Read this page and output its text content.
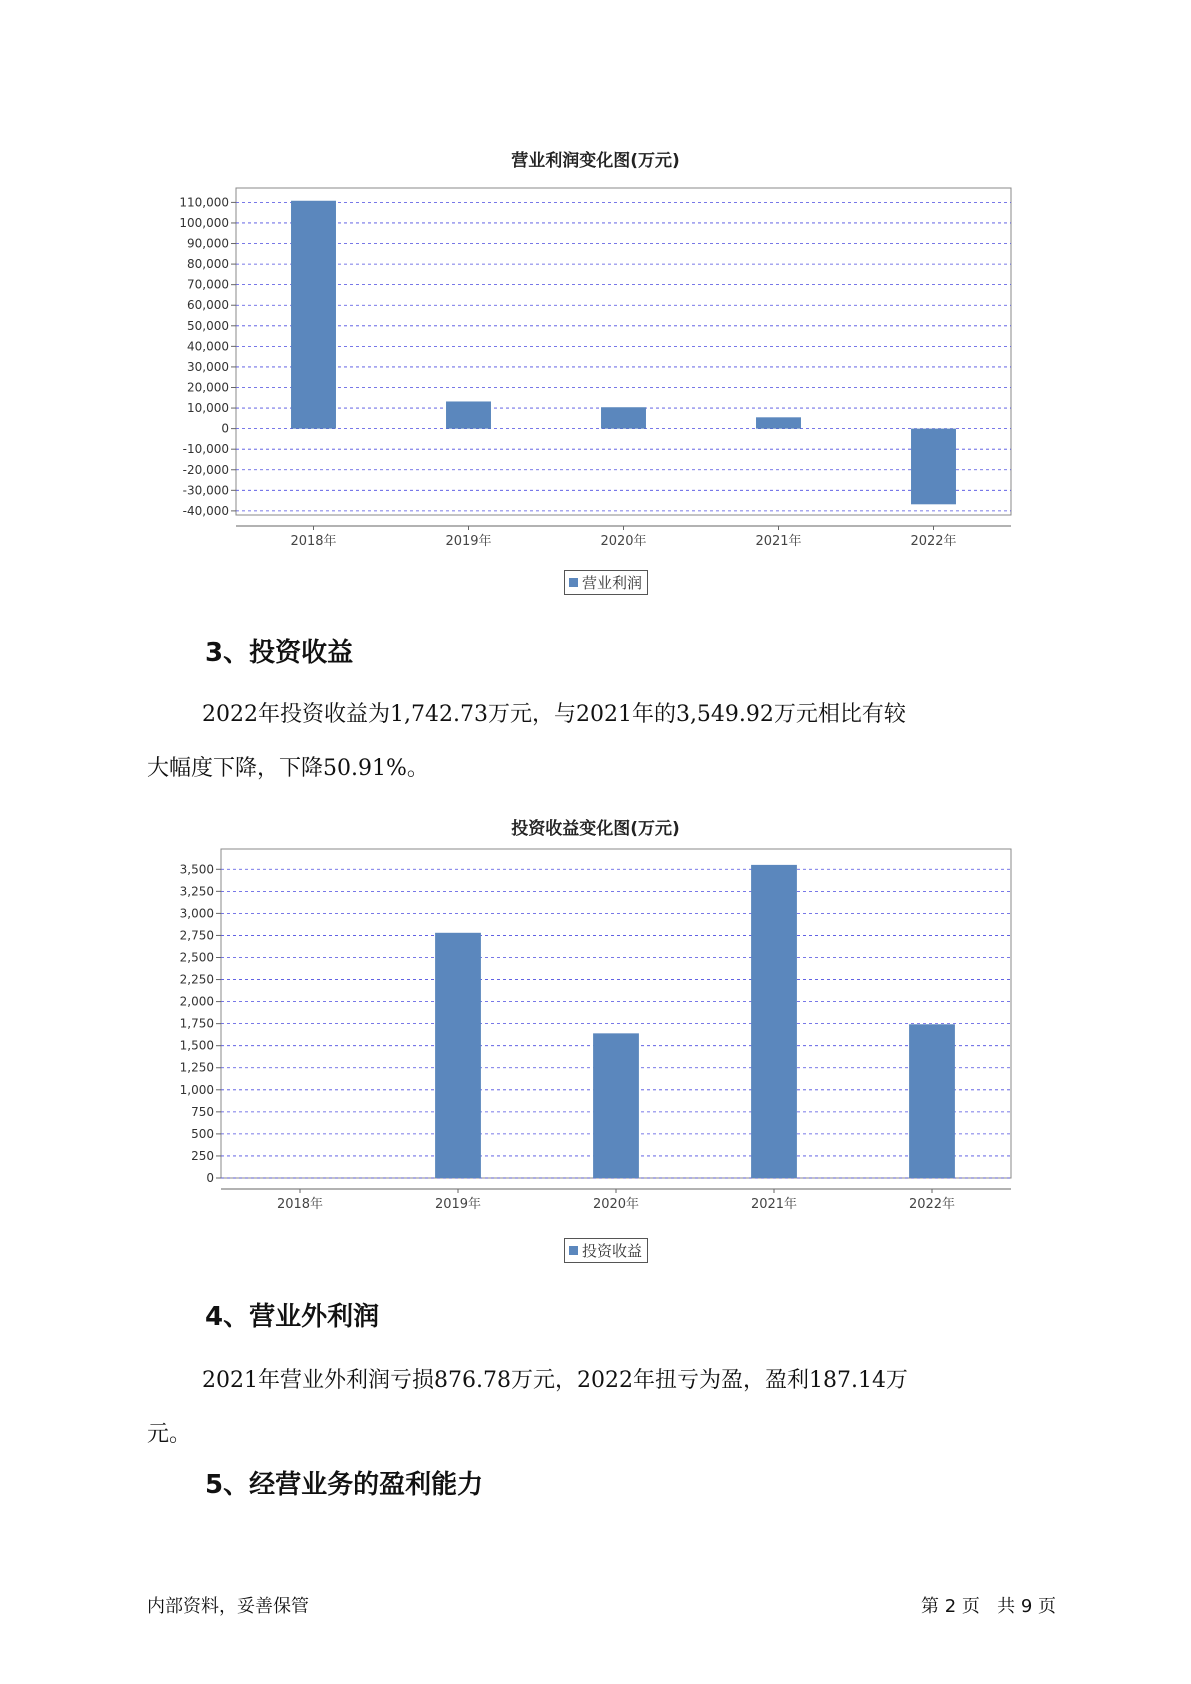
营业利润变化图(万元)
110,000
100,000
90,000
80,000
70,000
60,000
50,000
40,000
30,000
20,000
10,000
0
-10,000
-20,000
-30,000
-40,000
2018年	2019年	2020年	2021年	2022年
营业利润
3、投资收益
2022年投资收益为1,742.73万元，与2021年的3,549.92万元相比有较
大幅度下降，下降50.91%。
投资收益变化图(万元)
3,500
3,250
3,000
2,750
2,500
2,250
2,000
1,750
1,500
1,250
1,000
750
500
250
0
2018年	2019年	2020年	2021年	2022年
投资收益
4、营业外利润
2021年营业外利润亏损876.78万元，2022年扭亏为盈，盈利187.14万
元。
5、经营业务的盈利能力
内部资料，妥善保管	第 2 页   共 9 页
